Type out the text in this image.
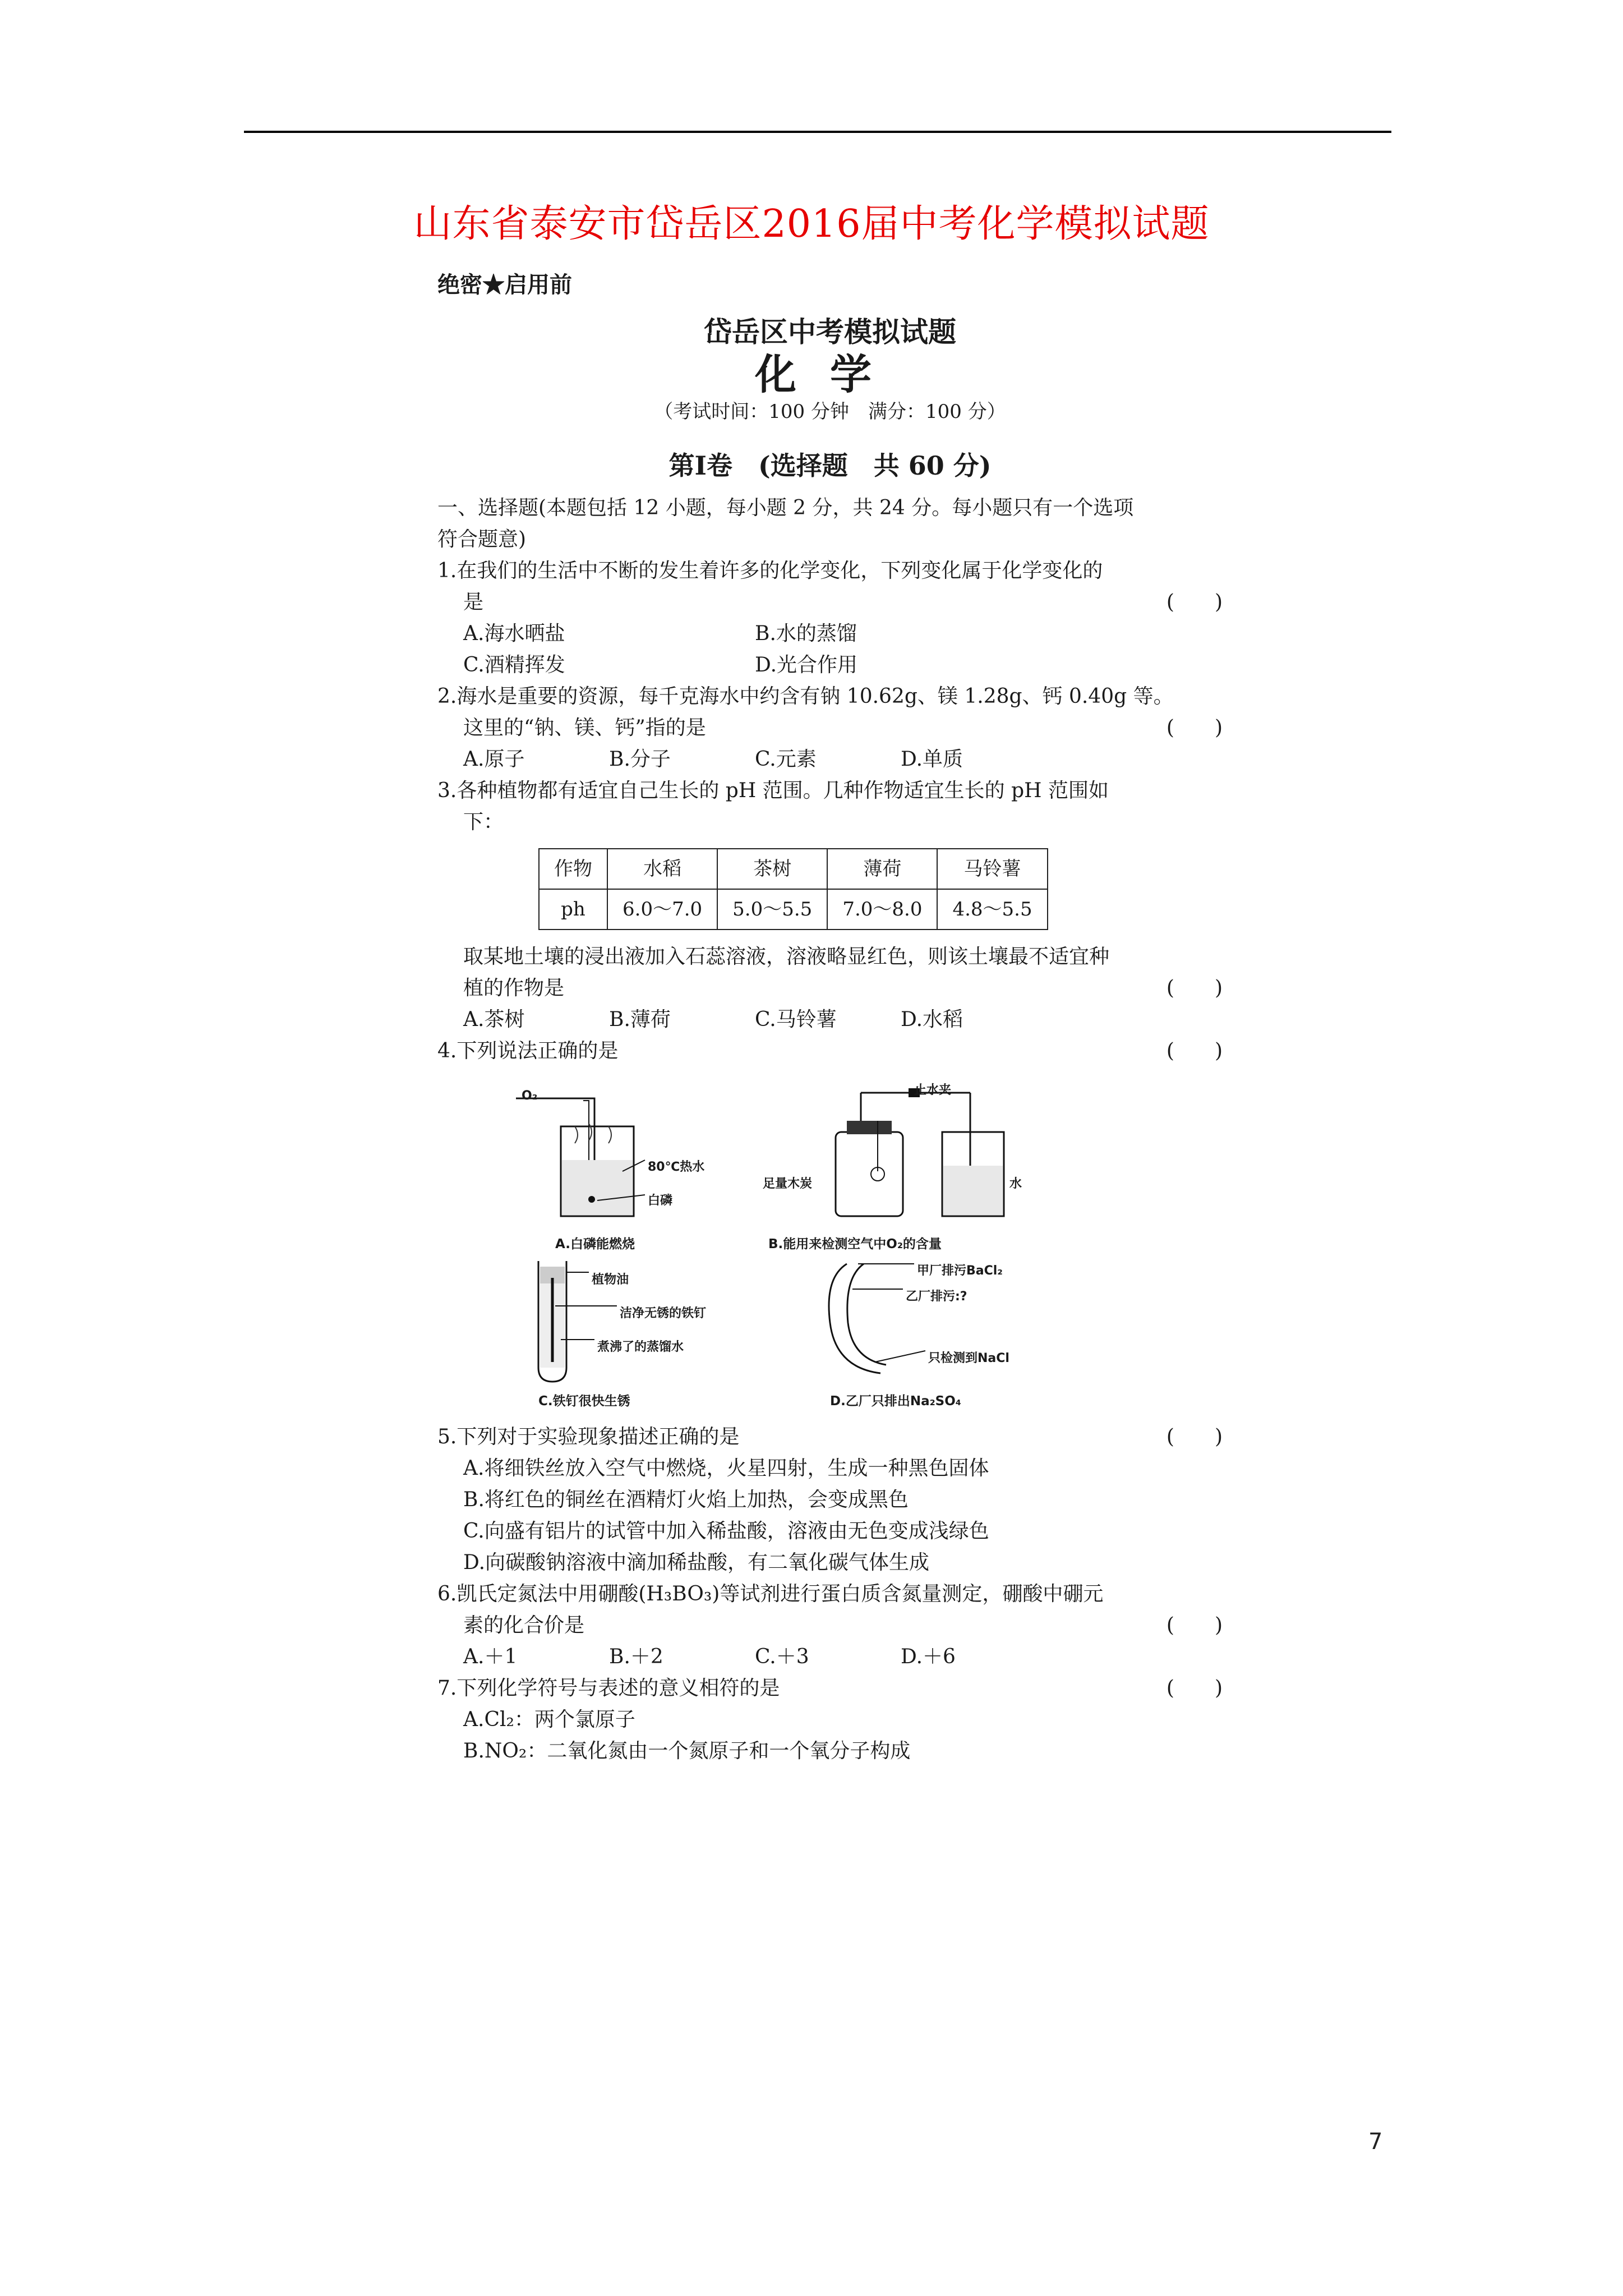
山东省泰安市岱岳区2016届中考化学模拟试题
绝密★启用前
岱岳区中考模拟试题
化学
（考试时间：100 分钟　满分：100 分）
第Ⅰ卷　(选择题　共 60 分)
一、选择题(本题包括 12 小题，每小题 2 分，共 24 分。每小题只有一个选项
符合题意)
1.在我们的生活中不断的发生着许多的化学变化，下列变化属于化学变化的
是	(　　)
A.海水晒盐	B.水的蒸馏
C.酒精挥发	D.光合作用
2.海水是重要的资源，每千克海水中约含有钠 10.62g、镁 1.28g、钙 0.40g 等。
这里的“钠、镁、钙”指的是	(　　)
A.原子	B.分子	C.元素	D.单质
3.各种植物都有适宜自己生长的 pH 范围。几种作物适宜生长的 pH 范围如
下：
作物	水稻	茶树	薄荷	马铃薯
ph	6.0～7.0	5.0～5.5	7.0～8.0	4.8～5.5
取某地土壤的浸出液加入石蕊溶液，溶液略显红色，则该土壤最不适宜种
植的作物是	(　　)
A.茶树	B.薄荷	C.马铃薯	D.水稻
4.下列说法正确的是	(　　)
O₂
80℃热水
白磷
A.白磷能燃烧
止水夹
足量木炭	水
B.能用来检测空气中O₂的含量
植物油
洁净无锈的铁钉
煮沸了的蒸馏水
C.铁钉很快生锈
甲厂排污BaCl₂
乙厂排污:?
只检测到NaCl
D.乙厂只排出Na₂SO₄
5.下列对于实验现象描述正确的是	(　　)
A.将细铁丝放入空气中燃烧，火星四射，生成一种黑色固体
B.将红色的铜丝在酒精灯火焰上加热，会变成黑色
C.向盛有铝片的试管中加入稀盐酸，溶液由无色变成浅绿色
D.向碳酸钠溶液中滴加稀盐酸，有二氧化碳气体生成
6.凯氏定氮法中用硼酸(H₃BO₃)等试剂进行蛋白质含氮量测定，硼酸中硼元
素的化合价是	(　　)
A.＋1	B.＋2	C.＋3	D.＋6
7.下列化学符号与表述的意义相符的是	(　　)
A.Cl₂：两个氯原子
B.NO₂：二氧化氮由一个氮原子和一个氧分子构成
7
